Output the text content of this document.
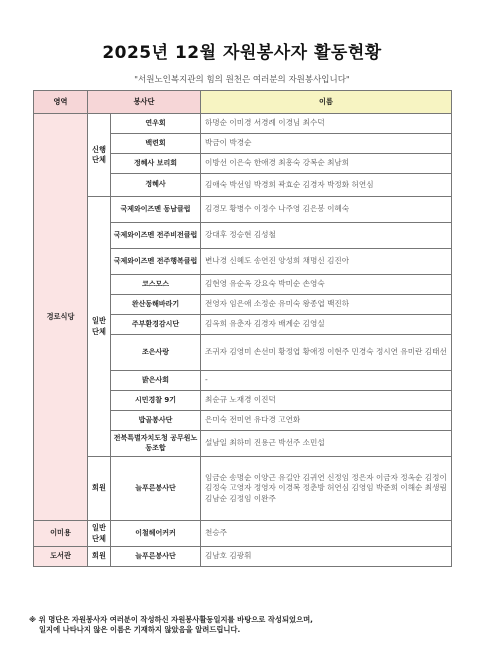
2025년 12월 자원봉사자 활동현황
"서원노인복지관의 힘의 원천은 여러분의 자원봉사입니다"
영역	봉사단		이름
경로식당	신행 단체	연우회	하명순 이미경 서경례 이경님 최수덕
		백련회	박금이 박경순
		정혜사 보리회	이방선 이은숙 한애경 최흥숙 강복순 최남희
		정혜사	김애숙 박선임 박경희 곽효순 김경자 박정화 허연심
	일반 단체	국제와이즈멘 동남클럽	김경모 황병수 이정수 나주영 김은봉 이혜숙
		국제와이즈멘 전주비전클럽	강대후 정승현 김성철
		국제와이즈멘 전주행복클럽	변나경 신혜도 송연진 양성희 채명신 김진아
		코스모스	김현영 유순옥 강요숙 박미순 손영숙
		완산동해바라기	전영자 임은애 소정순 유미숙 왕종엽 백진하
		주부환경감시단	김옥희 유춘자 김경자 배계순 김영실
		조은사랑	조귀자 김영미 손선미 황정엽 황애정 이현주 민경숙 정시연 유미란 김태선
		밝은사회	-
		시민경찰 9기	최순규 노재경 이진덕
		밥골봉사단	은미숙 전미연 유다경 고연화
		전북특별자치도청 공무원노동조합	설남일 최하미 진용근 박선주 소민섭
	회원	늘푸른봉사단	임금순 송명순 이양근 유길안 김귀연 신정임 정은자 이금자 정옥순 김정이 김정숙 고영자 정영자 이경복 정춘방 허연심 김영임 박준희 이해순 최생림 김남순 김정임 이완주
이미용	일반 단체	이철헤어커커	천승주
도서관	회원	늘푸른봉사단	김남호 김광휘
※ 위 명단은 자원봉사자 여러분이 작성하신 자원봉사활동일지를 바탕으로 작성되었으며,
일지에 나타나지 않은 이름은 기재하지 않았음을 알려드립니다.
